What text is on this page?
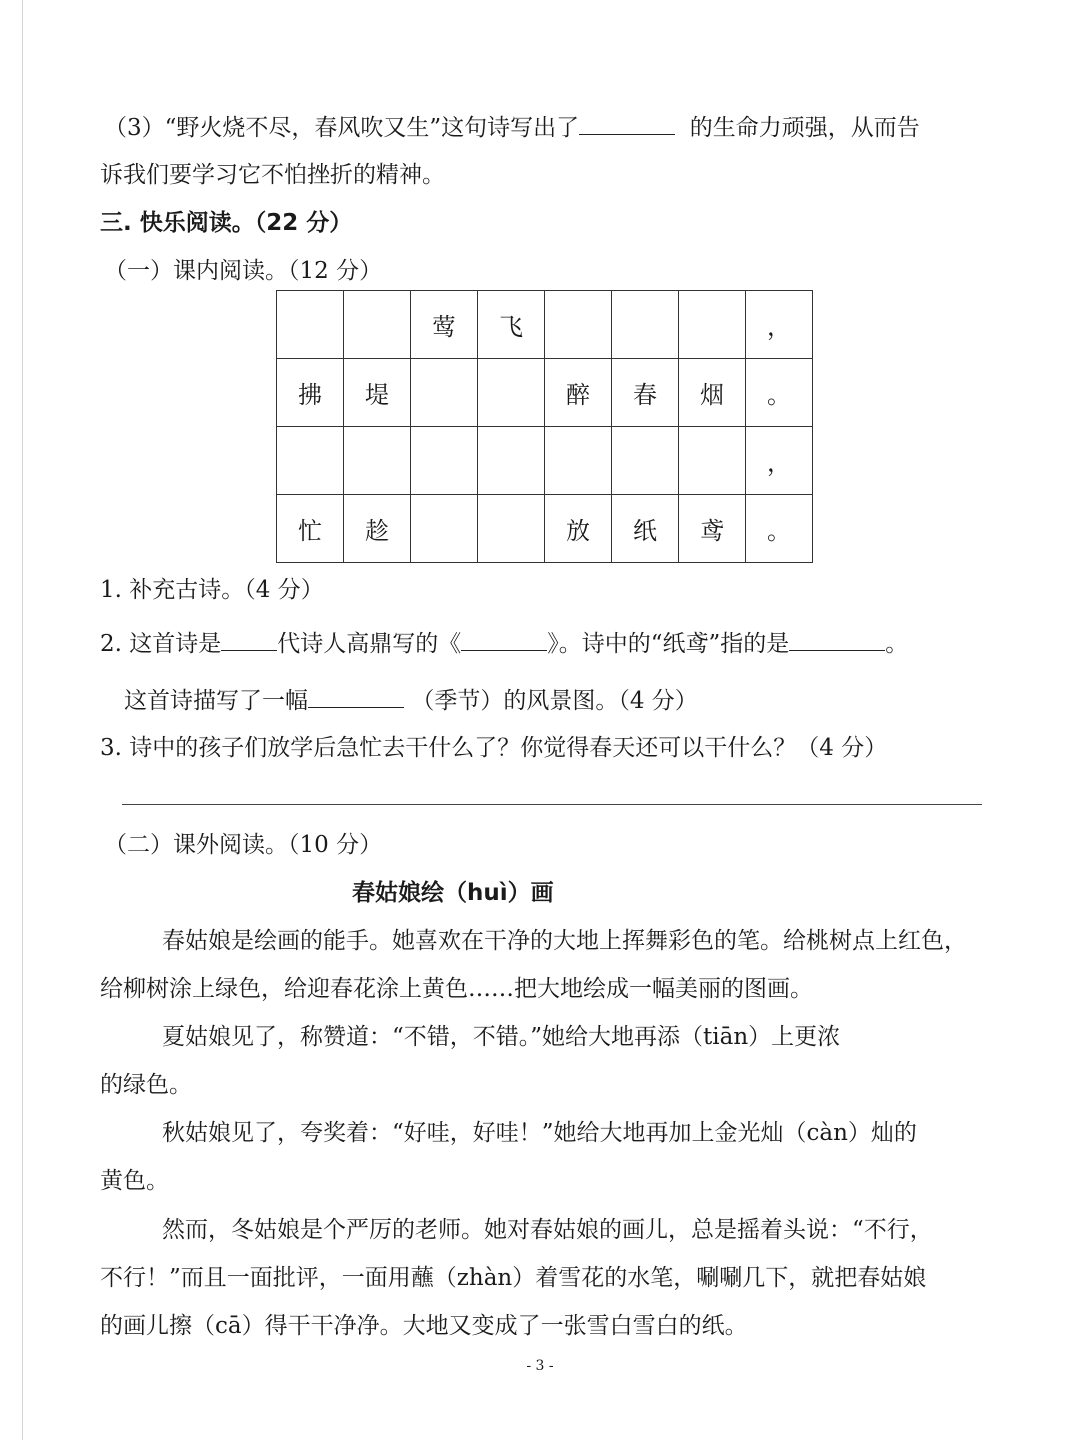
（3）“野火烧不尽，春风吹又生”这句诗写出了	的生命力顽强，从而告
诉我们要学习它不怕挫折的精神。
三. 快乐阅读。（22 分）
（一）课内阅读。（12 分）
		莺	飞				，
拂	堤			醉	春	烟	。
							，
忙	趁			放	纸	鸢	。
1. 补充古诗。（4 分）
2. 这首诗是 代诗人高鼎写的《	》。诗中的“纸鸢”指的是	。
这首诗描写了一幅	（季节）的风景图。（4 分）
3. 诗中的孩子们放学后急忙去干什么了？你觉得春天还可以干什么？（4 分）
（二）课外阅读。（10 分）
春姑娘绘（huì）画
春姑娘是绘画的能手。她喜欢在干净的大地上挥舞彩色的笔。给桃树点上红色，
给柳树涂上绿色，给迎春花涂上黄色……把大地绘成一幅美丽的图画。
夏姑娘见了，称赞道：“不错，不错。”她给大地再添（tiān）上更浓
的绿色。
秋姑娘见了，夸奖着：“好哇，好哇！”她给大地再加上金光灿（càn）灿的
黄色。
然而，冬姑娘是个严厉的老师。她对春姑娘的画儿，总是摇着头说：“不行，
不行！”而且一面批评，一面用蘸（zhàn）着雪花的水笔，唰唰几下，就把春姑娘
的画儿擦（cā）得干干净净。大地又变成了一张雪白雪白的纸。
- 3 -
